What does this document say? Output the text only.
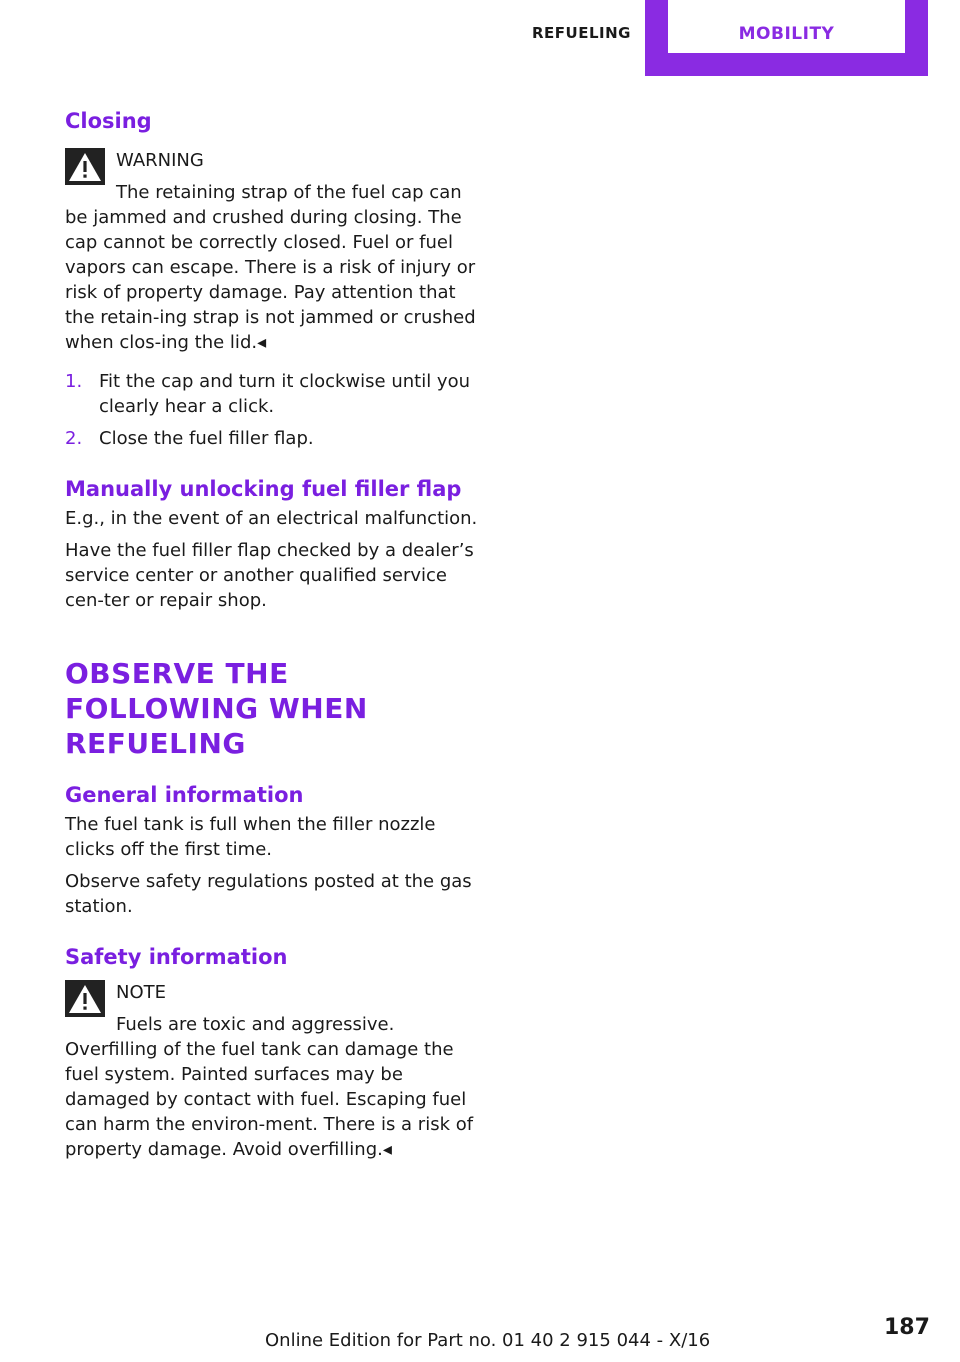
REFUELING	MOBILITY
Closing
WARNING

The retaining strap of the fuel cap can be jammed and crushed during closing. The cap cannot be correctly closed. Fuel or fuel vapors can escape. There is a risk of injury or risk of property damage. Pay attention that the retain-ing strap is not jammed or crushed when clos-ing the lid.◂

1. Fit the cap and turn it clockwise until you clearly hear a click.
2. Close the fuel filler flap.
Manually unlocking fuel filler flap

E.g., in the event of an electrical malfunction.

Have the fuel filler flap checked by a dealer’s service center or another qualified service cen-ter or repair shop.

OBSERVE THE FOLLOWING WHEN REFUELING
General information

The fuel tank is full when the filler nozzle clicks off the first time.

Observe safety regulations posted at the gas station.

Safety information
NOTE

Fuels are toxic and aggressive. Overfilling of the fuel tank can damage the fuel system. Painted surfaces may be damaged by contact with fuel. Escaping fuel can harm the environ-ment. There is a risk of property damage. Avoid overfilling.◂

Online Edition for Part no. 01 40 2 915 044 - X/16
187
